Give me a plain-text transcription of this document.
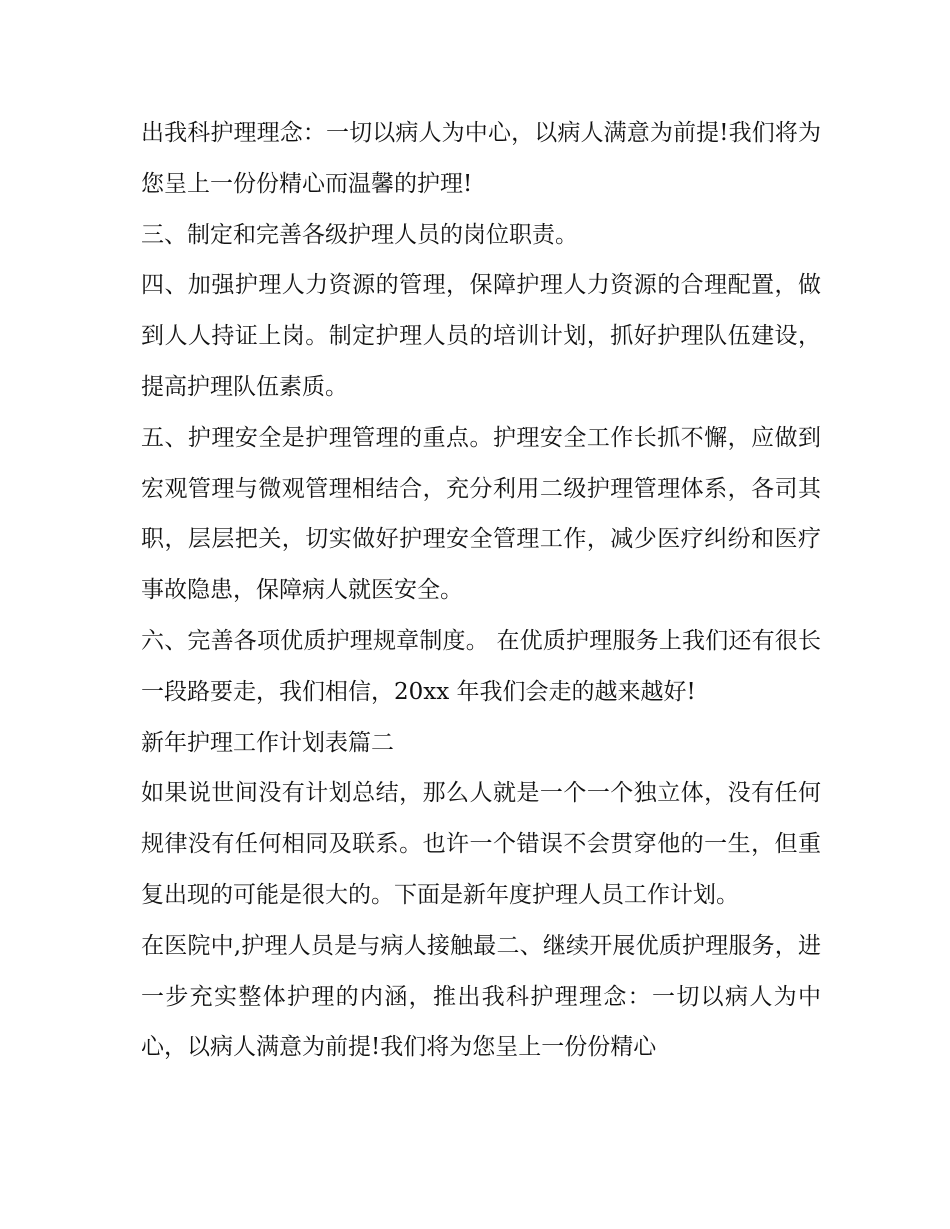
出我科护理理念：一切以病人为中心，以病人满意为前提!我们将为您呈上一份份精心而温馨的护理!

三、制定和完善各级护理人员的岗位职责。

四、加强护理人力资源的管理，保障护理人力资源的合理配置，做到人人持证上岗。制定护理人员的培训计划，抓好护理队伍建设，提高护理队伍素质。

五、护理安全是护理管理的重点。护理安全工作长抓不懈，应做到宏观管理与微观管理相结合，充分利用二级护理管理体系，各司其职，层层把关，切实做好护理安全管理工作，减少医疗纠纷和医疗事故隐患，保障病人就医安全。

六、完善各项优质护理规章制度。 在优质护理服务上我们还有很长一段路要走，我们相信，20xx 年我们会走的越来越好!

新年护理工作计划表篇二

如果说世间没有计划总结，那么人就是一个一个独立体，没有任何规律没有任何相同及联系。也许一个错误不会贯穿他的一生，但重复出现的可能是很大的。下面是新年度护理人员工作计划。

在医院中,护理人员是与病人接触最二、继续开展优质护理服务，进一步充实整体护理的内涵，推出我科护理理念：一切以病人为中心，以病人满意为前提!我们将为您呈上一份份精心
